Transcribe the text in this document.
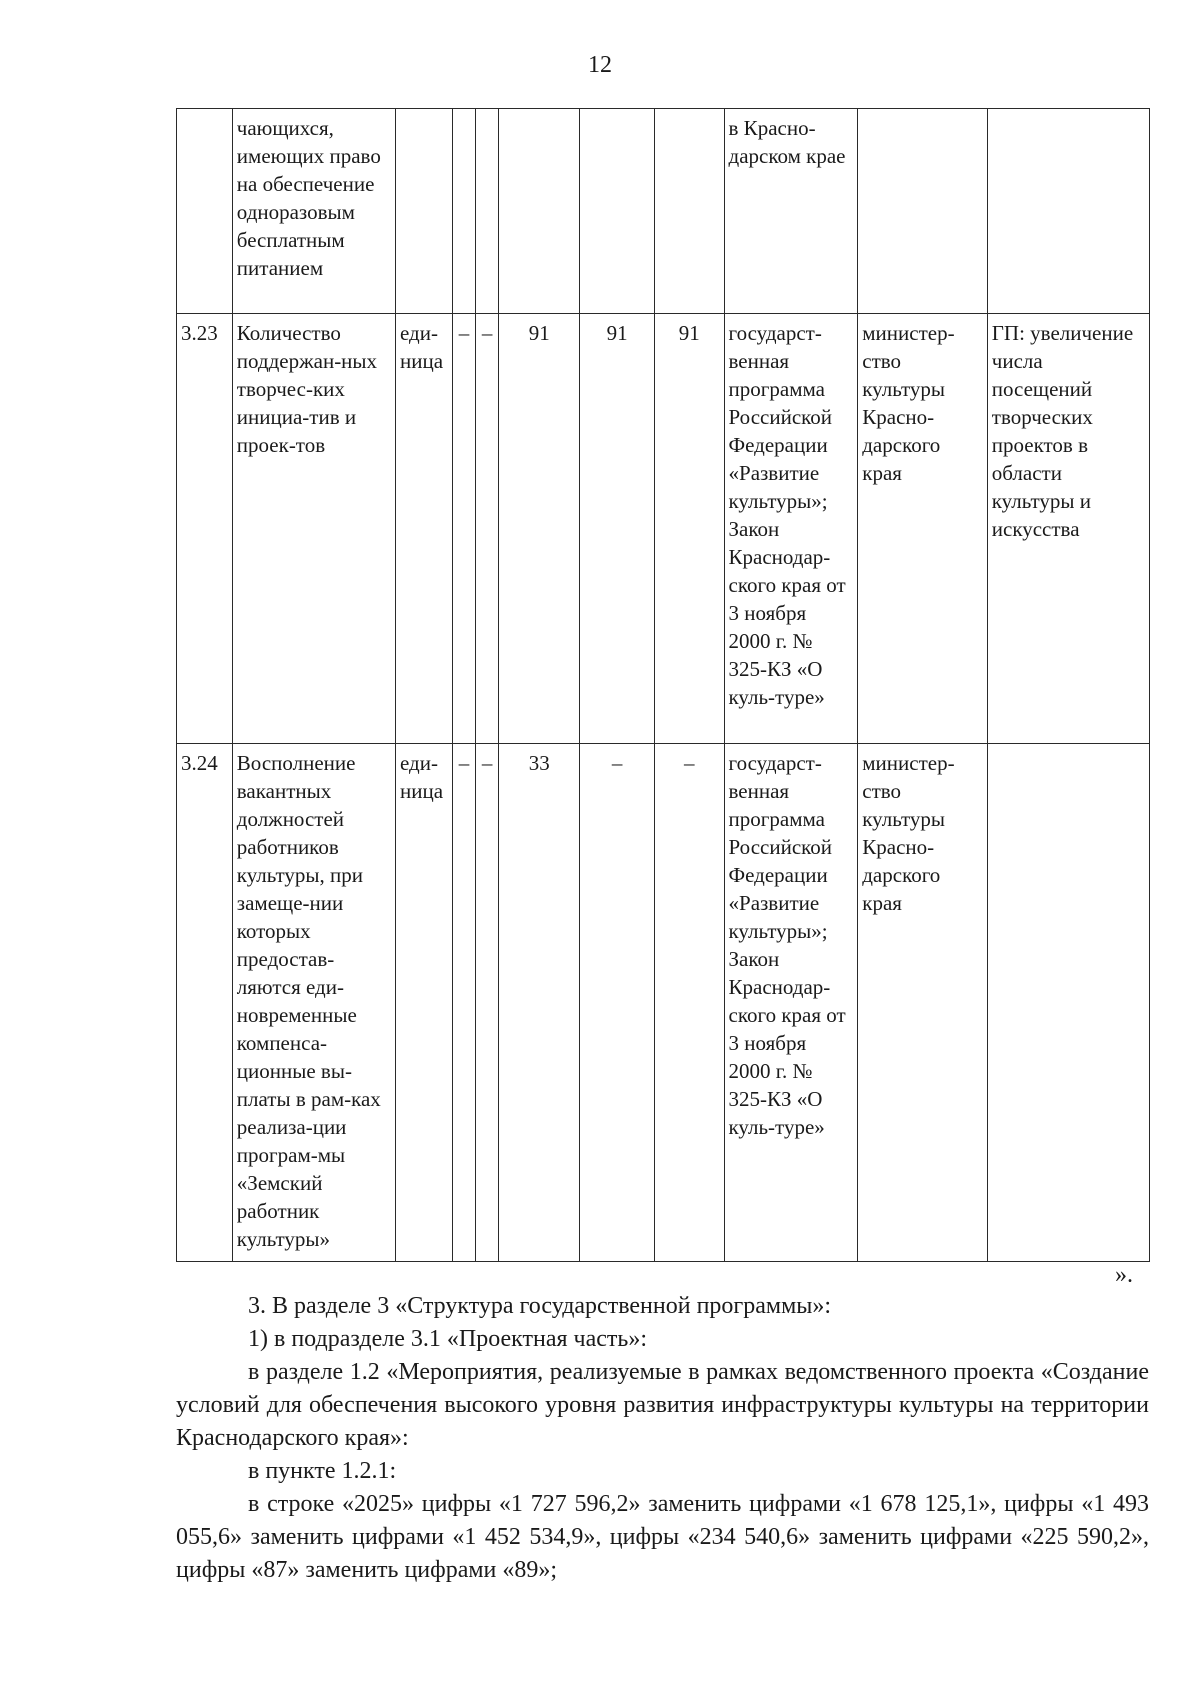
12
	чающихся, имеющих право на обеспечение одноразовым бесплатным питанием							в Красно-дарском крае		
3.23	Количество поддержан-ных творчес-ких инициа-тив и проек-тов	еди-ница	–	–	91	91	91	государст-венная программа Российской Федерации «Развитие культуры»; Закон Краснодар-ского края от 3 ноября 2000 г. № 325-КЗ «О куль-туре»	министер-ство культуры Красно-дарского края	ГП: увеличение числа посещений творческих проектов в области культуры и искусства
3.24	Восполнение вакантных должностей работников культуры, при замеще-нии которых предостав-ляются еди-новременные компенса-ционные вы-платы в рам-ках реализа-ции програм-мы «Земский работник культуры»	еди-ница	–	–	33	–	–	государст-венная программа Российской Федерации «Развитие культуры»; Закон Краснодар-ского края от 3 ноября 2000 г. № 325-КЗ «О куль-туре»	министер-ство культуры Красно-дарского края	
».

3. В разделе 3 «Структура государственной программы»:

1) в подразделе 3.1 «Проектная часть»:

в разделе 1.2 «Мероприятия, реализуемые в рамках ведомственного проекта «Создание условий для обеспечения высокого уровня развития инфраструктуры культуры на территории Краснодарского края»:

в пункте 1.2.1:

в строке «2025» цифры «1 727 596,2» заменить цифрами «1 678 125,1», цифры «1 493 055,6» заменить цифрами «1 452 534,9», цифры «234 540,6» заменить цифрами «225 590,2», цифры «87» заменить цифрами «89»;
